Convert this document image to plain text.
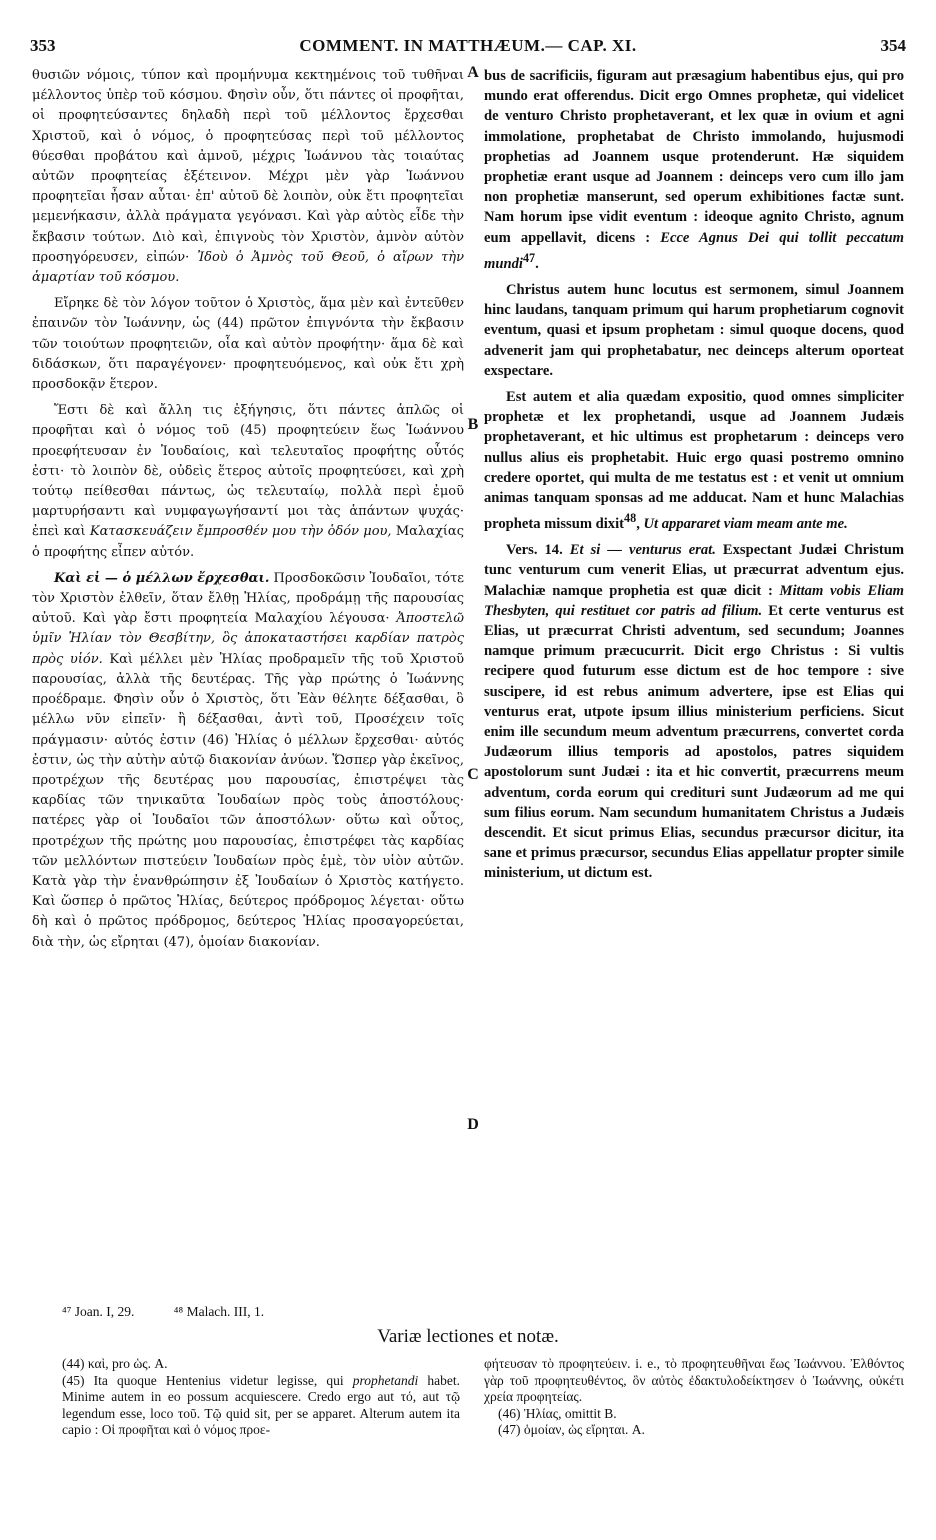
353	COMMENT. IN MATTHÆUM.— CAP. XI.	354

θυσιῶν νόμοις, τύπον καὶ προμήνυμα κεκτημένοις τοῦ τυθῆναι μέλλοντος ὑπὲρ τοῦ κόσμου. Φησὶν οὖν, ὅτι πάντες οἱ προφῆται, οἱ προφητεύσαντες δηλαδὴ περὶ τοῦ μέλλοντος ἔρχεσθαι Χριστοῦ, καὶ ὁ νόμος, ὁ προφητεύσας περὶ τοῦ μέλλοντος θύεσθαι προβάτου καὶ ἀμνοῦ, μέχρις Ἰωάννου τὰς τοιαύτας αὐτῶν προφητείας ἐξέτεινον. Μέχρι μὲν γὰρ Ἰωάννου προφητεῖαι ἦσαν αὗται· ἐπ' αὐτοῦ δὲ λοιπὸν, οὐκ ἔτι προφητεῖαι μεμενήκασιν, ἀλλὰ πράγματα γεγόνασι. Καὶ γὰρ αὐτὸς εἶδε τὴν ἔκβασιν τούτων. Διὸ καὶ, ἐπιγνοὺς τὸν Χριστὸν, ἀμνὸν αὐτὸν προσηγόρευσεν, εἰπών· Ἰδοὺ ὁ Ἀμνὸς τοῦ Θεοῦ, ὁ αἴρων τὴν ἁμαρτίαν τοῦ κόσμου.

Εἴρηκε δὲ τὸν λόγον τοῦτον ὁ Χριστὸς, ἅμα μὲν καὶ ἐντεῦθεν ἐπαινῶν τὸν Ἰωάννην, ὡς (44) πρῶτον ἐπιγνόντα τὴν ἔκβασιν τῶν τοιούτων προφητειῶν, οἷα καὶ αὐτὸν προφήτην· ἅμα δὲ καὶ διδάσκων, ὅτι παραγέγονεν· προφητευόμενος, καὶ οὐκ ἔτι χρὴ προσδοκᾷν ἕτερον.

Ἔστι δὲ καὶ ἄλλη τις ἐξήγησις, ὅτι πάντες ἁπλῶς οἱ προφῆται καὶ ὁ νόμος τοῦ (45) προφητεύειν ἕως Ἰωάννου προεφήτευσαν ἐν Ἰουδαίοις, καὶ τελευταῖος προφήτης οὗτός ἐστι· τὸ λοιπὸν δὲ, οὐδεὶς ἕτερος αὐτοῖς προφητεύσει, καὶ χρὴ τούτῳ πείθεσθαι πάντως, ὡς τελευταίῳ, πολλὰ περὶ ἐμοῦ μαρτυρήσαντι καὶ νυμφαγωγήσαντί μοι τὰς ἁπάντων ψυχάς· ἐπεὶ καὶ Κατασκευάζειν ἔμπροσθέν μου τὴν ὁδόν μου, Μαλαχίας ὁ προφήτης εἶπεν αὐτόν.

Καὶ εἰ — ὁ μέλλων ἔρχεσθαι. Προσδοκῶσιν Ἰουδαῖοι, τότε τὸν Χριστὸν ἐλθεῖν, ὅταν ἔλθῃ Ἠλίας, προδράμῃ τῆς παρουσίας αὐτοῦ. Καὶ γὰρ ἔστι προφητεία Μαλαχίου λέγουσα· Ἀποστελῶ ὑμῖν Ἠλίαν τὸν Θεσβίτην, ὃς ἀποκαταστήσει καρδίαν πατρὸς πρὸς υἱόν. Καὶ μέλλει μὲν Ἠλίας προδραμεῖν τῆς τοῦ Χριστοῦ παρουσίας, ἀλλὰ τῆς δευτέρας. Τῆς γὰρ πρώτης ὁ Ἰωάννης προέδραμε. Φησὶν οὖν ὁ Χριστὸς, ὅτι Ἐὰν θέλητε δέξασθαι, ὃ μέλλω νῦν εἰπεῖν· ἢ δέξασθαι, ἀντὶ τοῦ, Προσέχειν τοῖς πράγμασιν· αὐτός ἐστιν (46) Ἠλίας ὁ μέλλων ἔρχεσθαι· αὐτός ἐστιν, ὡς τὴν αὐτὴν αὐτῷ διακονίαν ἀνύων. Ὥσπερ γὰρ ἐκεῖνος, προτρέχων τῆς δευτέρας μου παρουσίας, ἐπιστρέψει τὰς καρδίας τῶν τηνικαῦτα Ἰουδαίων πρὸς τοὺς ἀποστόλους· πατέρες γὰρ οἱ Ἰουδαῖοι τῶν ἀποστόλων· οὕτω καὶ οὗτος, προτρέχων τῆς πρώτης μου παρουσίας, ἐπιστρέφει τὰς καρδίας τῶν μελλόντων πιστεύειν Ἰουδαίων πρὸς ἐμὲ, τὸν υἱὸν αὐτῶν. Κατὰ γὰρ τὴν ἐνανθρώπησιν ἐξ Ἰουδαίων ὁ Χριστὸς κατήγετο. Καὶ ὥσπερ ὁ πρῶτος Ἠλίας, δεύτερος πρόδρομος λέγεται· οὕτω δὴ καὶ ὁ πρῶτος πρόδρομος, δεύτερος Ἠλίας προσαγορεύεται, διὰ τὴν, ὡς εἴρηται (47), ὁμοίαν διακονίαν.

A
B
C
D

bus de sacrificiis, figuram aut præsagium habentibus ejus, qui pro mundo erat offerendus. Dicit ergo Omnes prophetæ, qui videlicet de venturo Christo prophetaverant, et lex quæ in ovium et agni immolatione, prophetabat de Christo immolando, hujusmodi prophetias ad Joannem usque protenderunt. Hæ siquidem prophetiæ erant usque ad Joannem : deinceps vero cum illo jam non prophetiæ manserunt, sed operum exhibitiones factæ sunt. Nam horum ipse vidit eventum : ideoque agnito Christo, agnum eum appellavit, dicens : Ecce Agnus Dei qui tollit peccatum mundi$^{47}$.

Christus autem hunc locutus est sermonem, simul Joannem hinc laudans, tanquam primum qui harum prophetiarum cognovit eventum, quasi et ipsum prophetam : simul quoque docens, quod advenerit jam qui prophetabatur, nec deinceps alterum oporteat exspectare.

Est autem et alia quædam expositio, quod omnes simpliciter prophetæ et lex prophetandi, usque ad Joannem Judæis prophetaverant, et hic ultimus est prophetarum : deinceps vero nullus alius eis prophetabit. Huic ergo quasi postremo omnino credere oportet, qui multa de me testatus est : et venit ut omnium animas tanquam sponsas ad me adducat. Nam et hunc Malachias propheta missum dixit$^{48}$, Ut appararet viam meam ante me.

Vers. 14. Et si — venturus erat. Exspectant Judæi Christum tunc venturum cum venerit Elias, ut præcurrat adventum ejus. Malachiæ namque prophetia est quæ dicit : Mittam vobis Eliam Thesbyten, qui restituet cor patris ad filium. Et certe venturus est Elias, ut præcurrat Christi adventum, sed secundum; Joannes namque primum præcucurrit. Dicit ergo Christus : Si vultis recipere quod futurum esse dictum est de hoc tempore : sive suscipere, id est rebus animum advertere, ipse est Elias qui venturus erat, utpote ipsum illius ministerium perficiens. Sicut enim ille secundum meum adventum præcurrens, convertet corda Judæorum illius temporis ad apostolos, patres siquidem apostolorum sunt Judæi : ita et hic convertit, præcurrens meum adventum, corda eorum qui credituri sunt Judæorum ad me qui sum filius eorum. Nam secundum humanitatem Christus a Judæis descendit. Et sicut primus Elias, secundus præcursor dicitur, ita sane et primus præcursor, secundus Elias appellatur propter simile ministerium, ut dictum est.

⁴⁷ Joan. I, 29.	⁴⁸ Malach. III, 1.
Variæ lectiones et notæ.

(44) καὶ, pro ὡς. A.

(45) Ita quoque Hentenius videtur legisse, qui prophetandi habet. Minime autem in eo possum acquiescere. Credo ergo aut τό, aut τῷ legendum esse, loco τοῦ. Τῷ quid sit, per se apparet. Alterum autem ita capio : Οἱ προφῆται καὶ ὁ νόμος προε-

φήτευσαν τὸ προφητεύειν. i. e., τὸ προφητευθῆναι ἕως Ἰωάννου. Ἐλθόντος γὰρ τοῦ προφητευθέντος, ὃν αὐτὸς ἐδακτυλοδείκτησεν ὁ Ἰωάννης, οὐκέτι χρεία προφητείας.

(46) Ἠλίας, omittit B.

(47) ὁμοίαν, ὡς εἴρηται. A.
